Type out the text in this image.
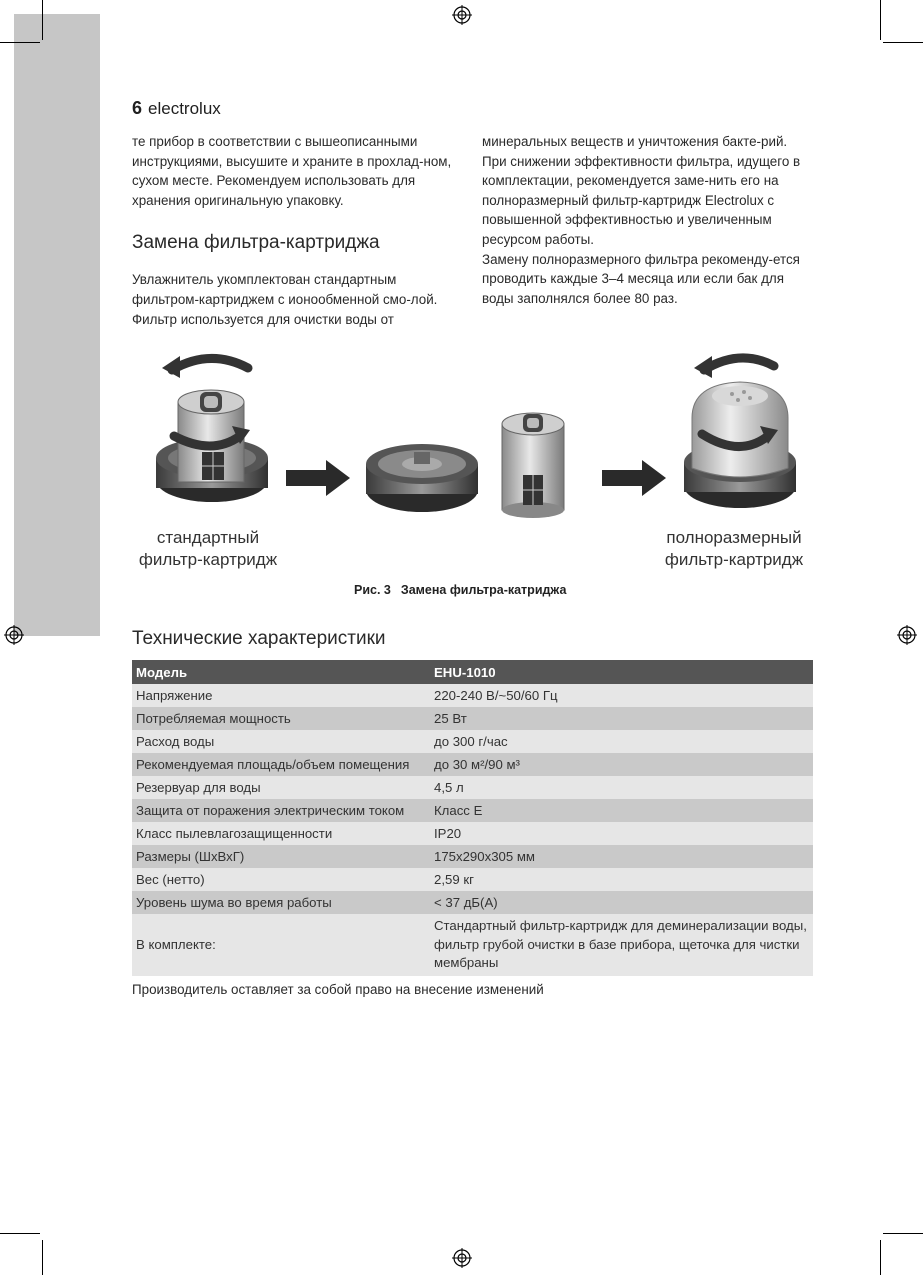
6 electrolux

те прибор в соответствии с вышеописанными инструкциями, высушите и храните в прохлад-ном, сухом месте. Рекомендуем использовать для хранения оригинальную упаковку.

Замена фильтра-картриджа

Увлажнитель укомплектован стандартным фильтром-картриджем с ионообменной смо-лой. Фильтр используется для очистки воды от

минеральных веществ и уничтожения бакте-рий. При снижении эффективности фильтра, идущего в комплектации, рекомендуется заме-нить его на полноразмерный фильтр-картридж Electrolux с повышенной эффективностью и увеличенным ресурсом работы.

Замену полноразмерного фильтра рекоменду-ется проводить каждые 3–4 месяца или если бак для воды заполнялся более 80 раз.

стандартный
фильтр-картридж
полноразмерный
фильтр-картридж
Рис. 3 Замена фильтра-катриджа
Технические характеристики
Модель	EHU-1010
Напряжение	220-240 В/~50/60 Гц
Потребляемая мощность	25 Вт
Расход воды	до 300 г/час
Рекомендуемая площадь/объем помещения	до 30 м²/90 м³
Резервуар для воды	4,5 л
Защита от поражения электрическим током	Класс Е
Класс пылевлагозащищенности	IP20
Размеры (ШхВхГ)	175x290x305 мм
Вес (нетто)	2,59 кг
Уровень шума во время работы	< 37 дБ(А)
В комплекте:	Стандартный фильтр-картридж для деминерализации воды, фильтр грубой очистки в базе прибора, щеточка для чистки мембраны
Производитель оставляет за собой право на внесение изменений
